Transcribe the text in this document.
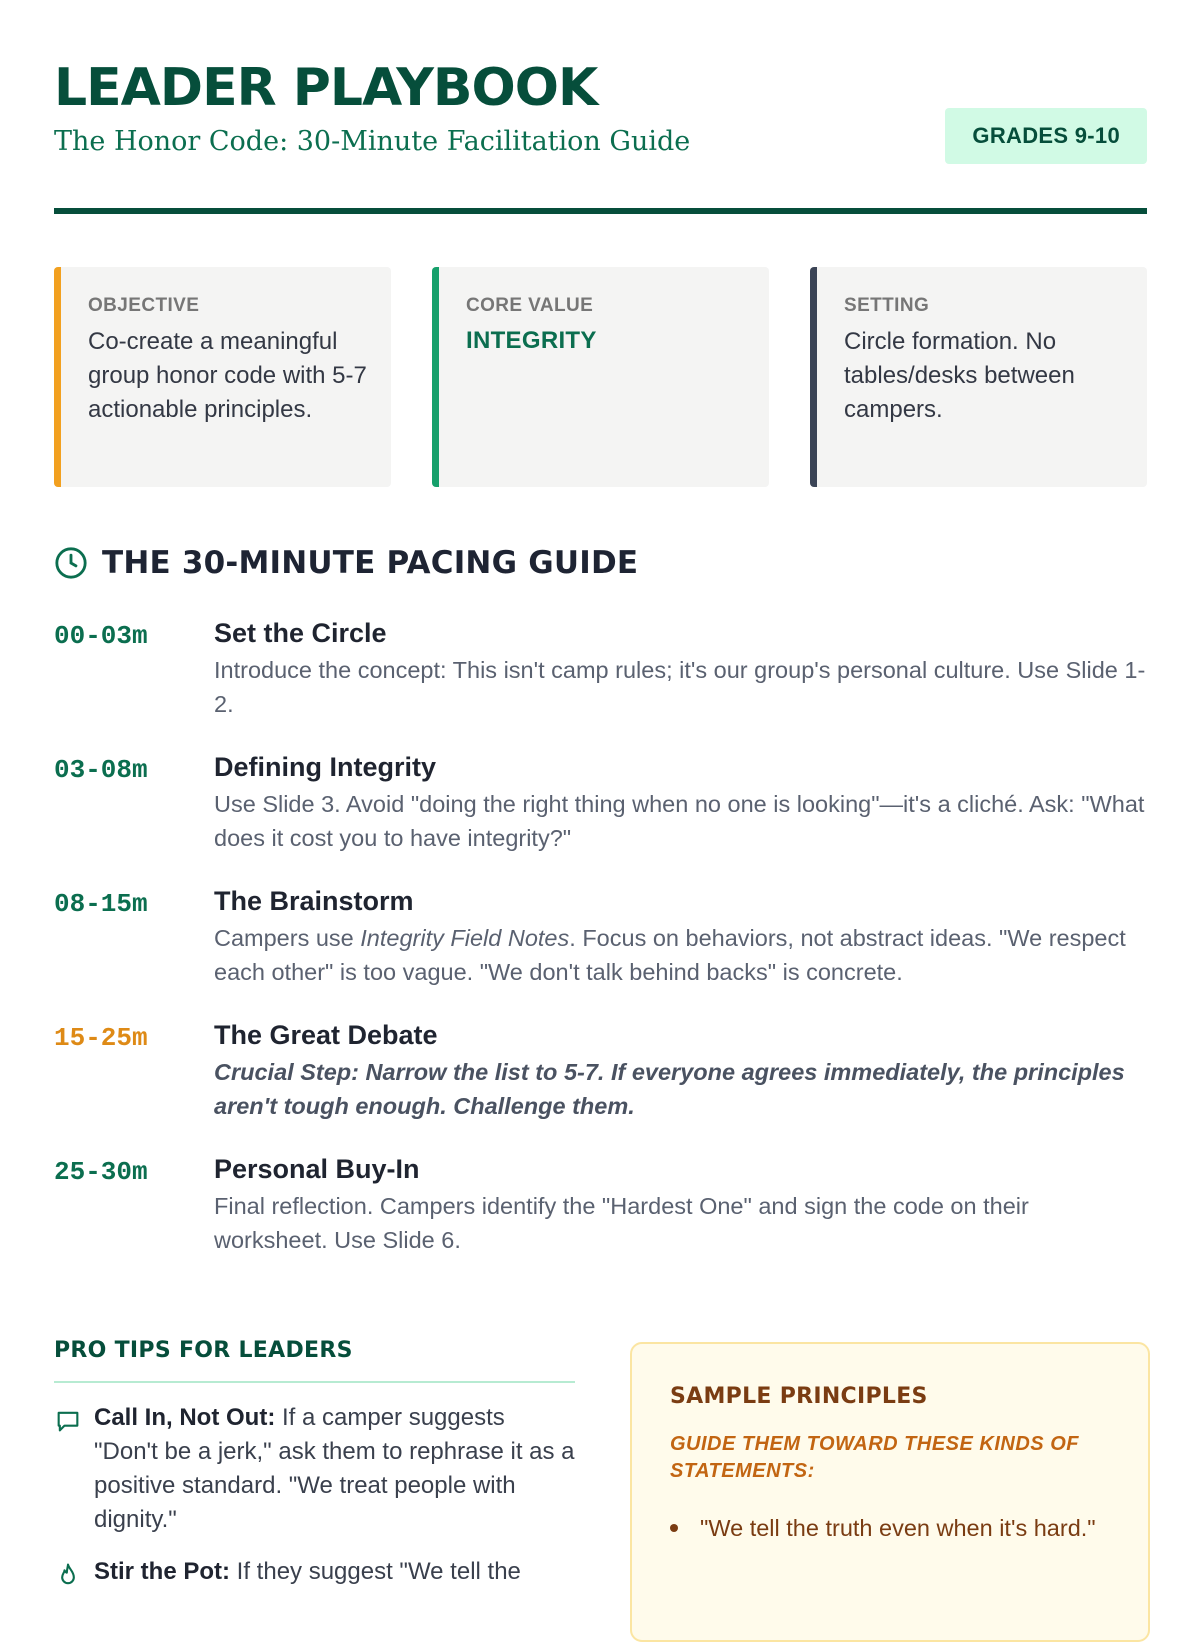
LEADER PLAYBOOK
The Honor Code: 30-Minute Facilitation Guide	GRADES 9-10
OBJECTIVE
Co-create a meaningful group honor code with 5-7 actionable principles.
CORE VALUE
INTEGRITY
SETTING
Circle formation. No tables/desks between campers.
THE 30-MINUTE PACING GUIDE
00-03m	Set the Circle
Introduce the concept: This isn't camp rules; it's our group's personal culture. Use Slide 1-2.
03-08m	Defining Integrity
Use Slide 3. Avoid "doing the right thing when no one is looking"—it's a cliché. Ask: "What does it cost you to have integrity?"
08-15m	The Brainstorm
Campers use Integrity Field Notes. Focus on behaviors, not abstract ideas. "We respect each other" is too vague. "We don't talk behind backs" is concrete.
15-25m	The Great Debate
Crucial Step: Narrow the list to 5-7. If everyone agrees immediately, the principles aren't tough enough. Challenge them.
25-30m	Personal Buy-In
Final reflection. Campers identify the "Hardest One" and sign the code on their worksheet. Use Slide 6.
PRO TIPS FOR LEADERS
Call In, Not Out: If a camper suggests "Don't be a jerk," ask them to rephrase it as a positive standard. "We treat people with dignity."
Stir the Pot: If they suggest "We tell the
SAMPLE PRINCIPLES
GUIDE THEM TOWARD THESE KINDS OF STATEMENTS:
"We tell the truth even when it's hard."
